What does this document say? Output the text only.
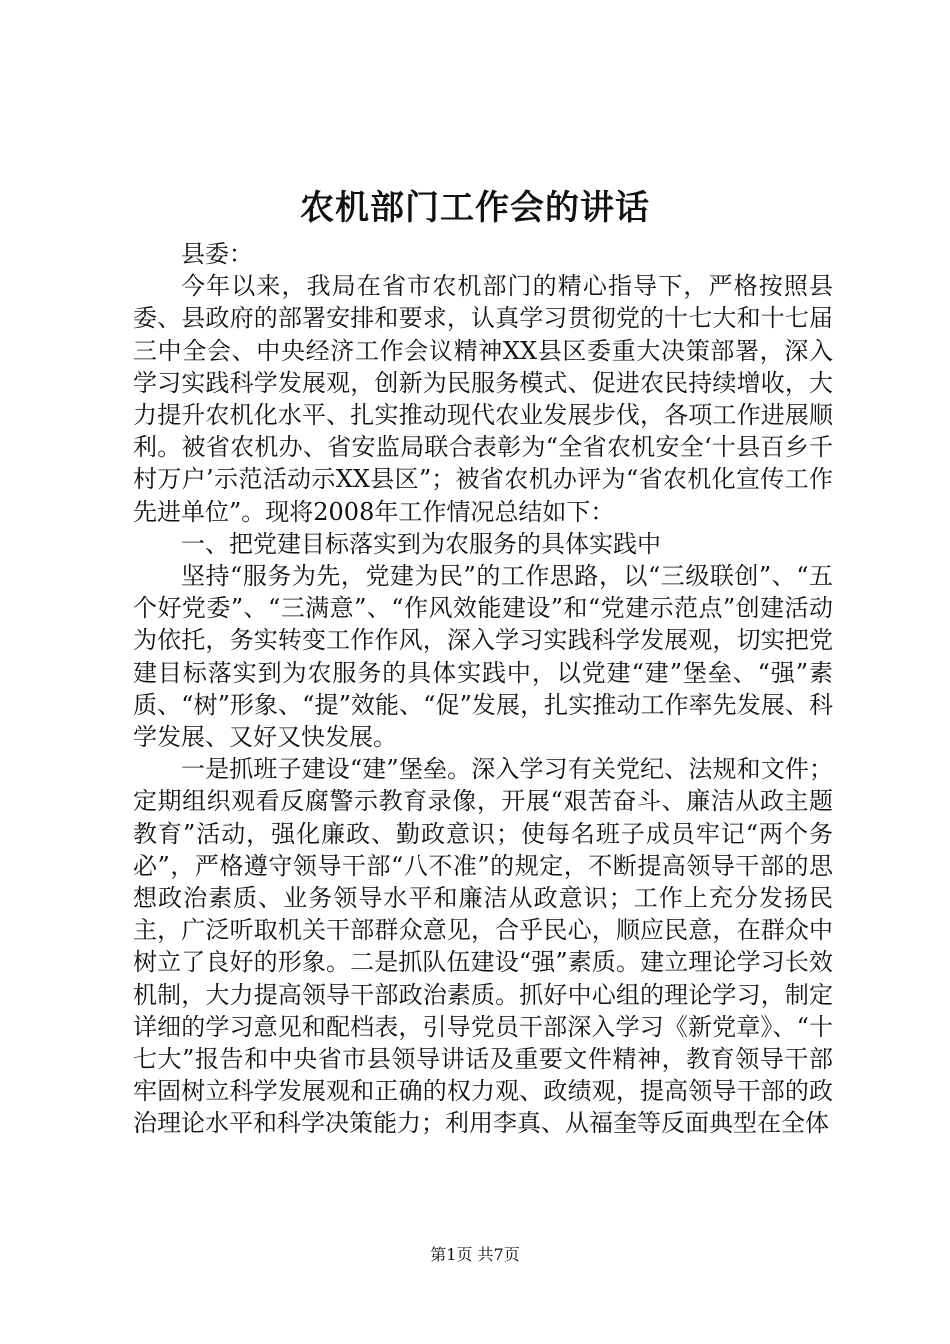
农机部门工作会的讲话

县委：

今年以来，我局在省市农机部门的精心指导下，严格按照县委、县政府的部署安排和要求，认真学习贯彻党的十七大和十七届三中全会、中央经济工作会议精神XX县区委重大决策部署，深入学习实践科学发展观，创新为民服务模式、促进农民持续增收，大力提升农机化水平、扎实推动现代农业发展步伐，各项工作进展顺利。被省农机办、省安监局联合表彰为“全省农机安全‘十县百乡千村万户’示范活动示XX县区”；被省农机办评为“省农机化宣传工作先进单位”。现将2008年工作情况总结如下：

一、把党建目标落实到为农服务的具体实践中

坚持“服务为先，党建为民”的工作思路，以“三级联创”、“五个好党委”、“三满意”、“作风效能建设”和“党建示范点”创建活动为依托，务实转变工作作风，深入学习实践科学发展观，切实把党建目标落实到为农服务的具体实践中，以党建“建”堡垒、“强”素质、“树”形象、“提”效能、“促”发展，扎实推动工作率先发展、科学发展、又好又快发展。

一是抓班子建设“建”堡垒。深入学习有关党纪、法规和文件；定期组织观看反腐警示教育录像，开展“艰苦奋斗、廉洁从政主题教育”活动，强化廉政、勤政意识；使每名班子成员牢记“两个务必”，严格遵守领导干部“八不准”的规定，不断提高领导干部的思想政治素质、业务领导水平和廉洁从政意识；工作上充分发扬民主，广泛听取机关干部群众意见，合乎民心，顺应民意，在群众中树立了良好的形象。二是抓队伍建设“强”素质。建立理论学习长效机制，大力提高领导干部政治素质。抓好中心组的理论学习，制定详细的学习意见和配档表，引导党员干部深入学习《新党章》、“十七大”报告和中央省市县领导讲话及重要文件精神，教育领导干部牢固树立科学发展观和正确的权力观、政绩观，提高领导干部的政治理论水平和科学决策能力；利用李真、从福奎等反面典型在全体

第1页 共7页
